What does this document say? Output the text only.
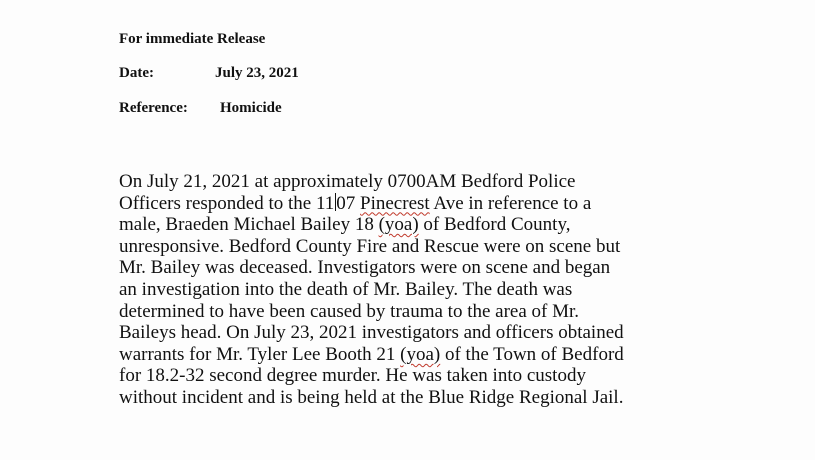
For immediate Release
Date:	July 23, 2021
Reference: Homicide
On July 21, 2021 at approximately 0700AM Bedford Police
Officers responded to the 11 07 Pinecrest Ave in reference to a
male, Braeden Michael Bailey 18 (yoa) of Bedford County,
unresponsive. Bedford County Fire and Rescue were on scene but
Mr. Bailey was deceased. Investigators were on scene and began
an investigation into the death of Mr. Bailey. The death was
determined to have been caused by trauma to the area of Mr.
Baileys head. On July 23, 2021 investigators and officers obtained
warrants for Mr. Tyler Lee Booth 21 (yoa) of the Town of Bedford
for 18.2-32 second degree murder. He was taken into custody
without incident and is being held at the Blue Ridge Regional Jail.
